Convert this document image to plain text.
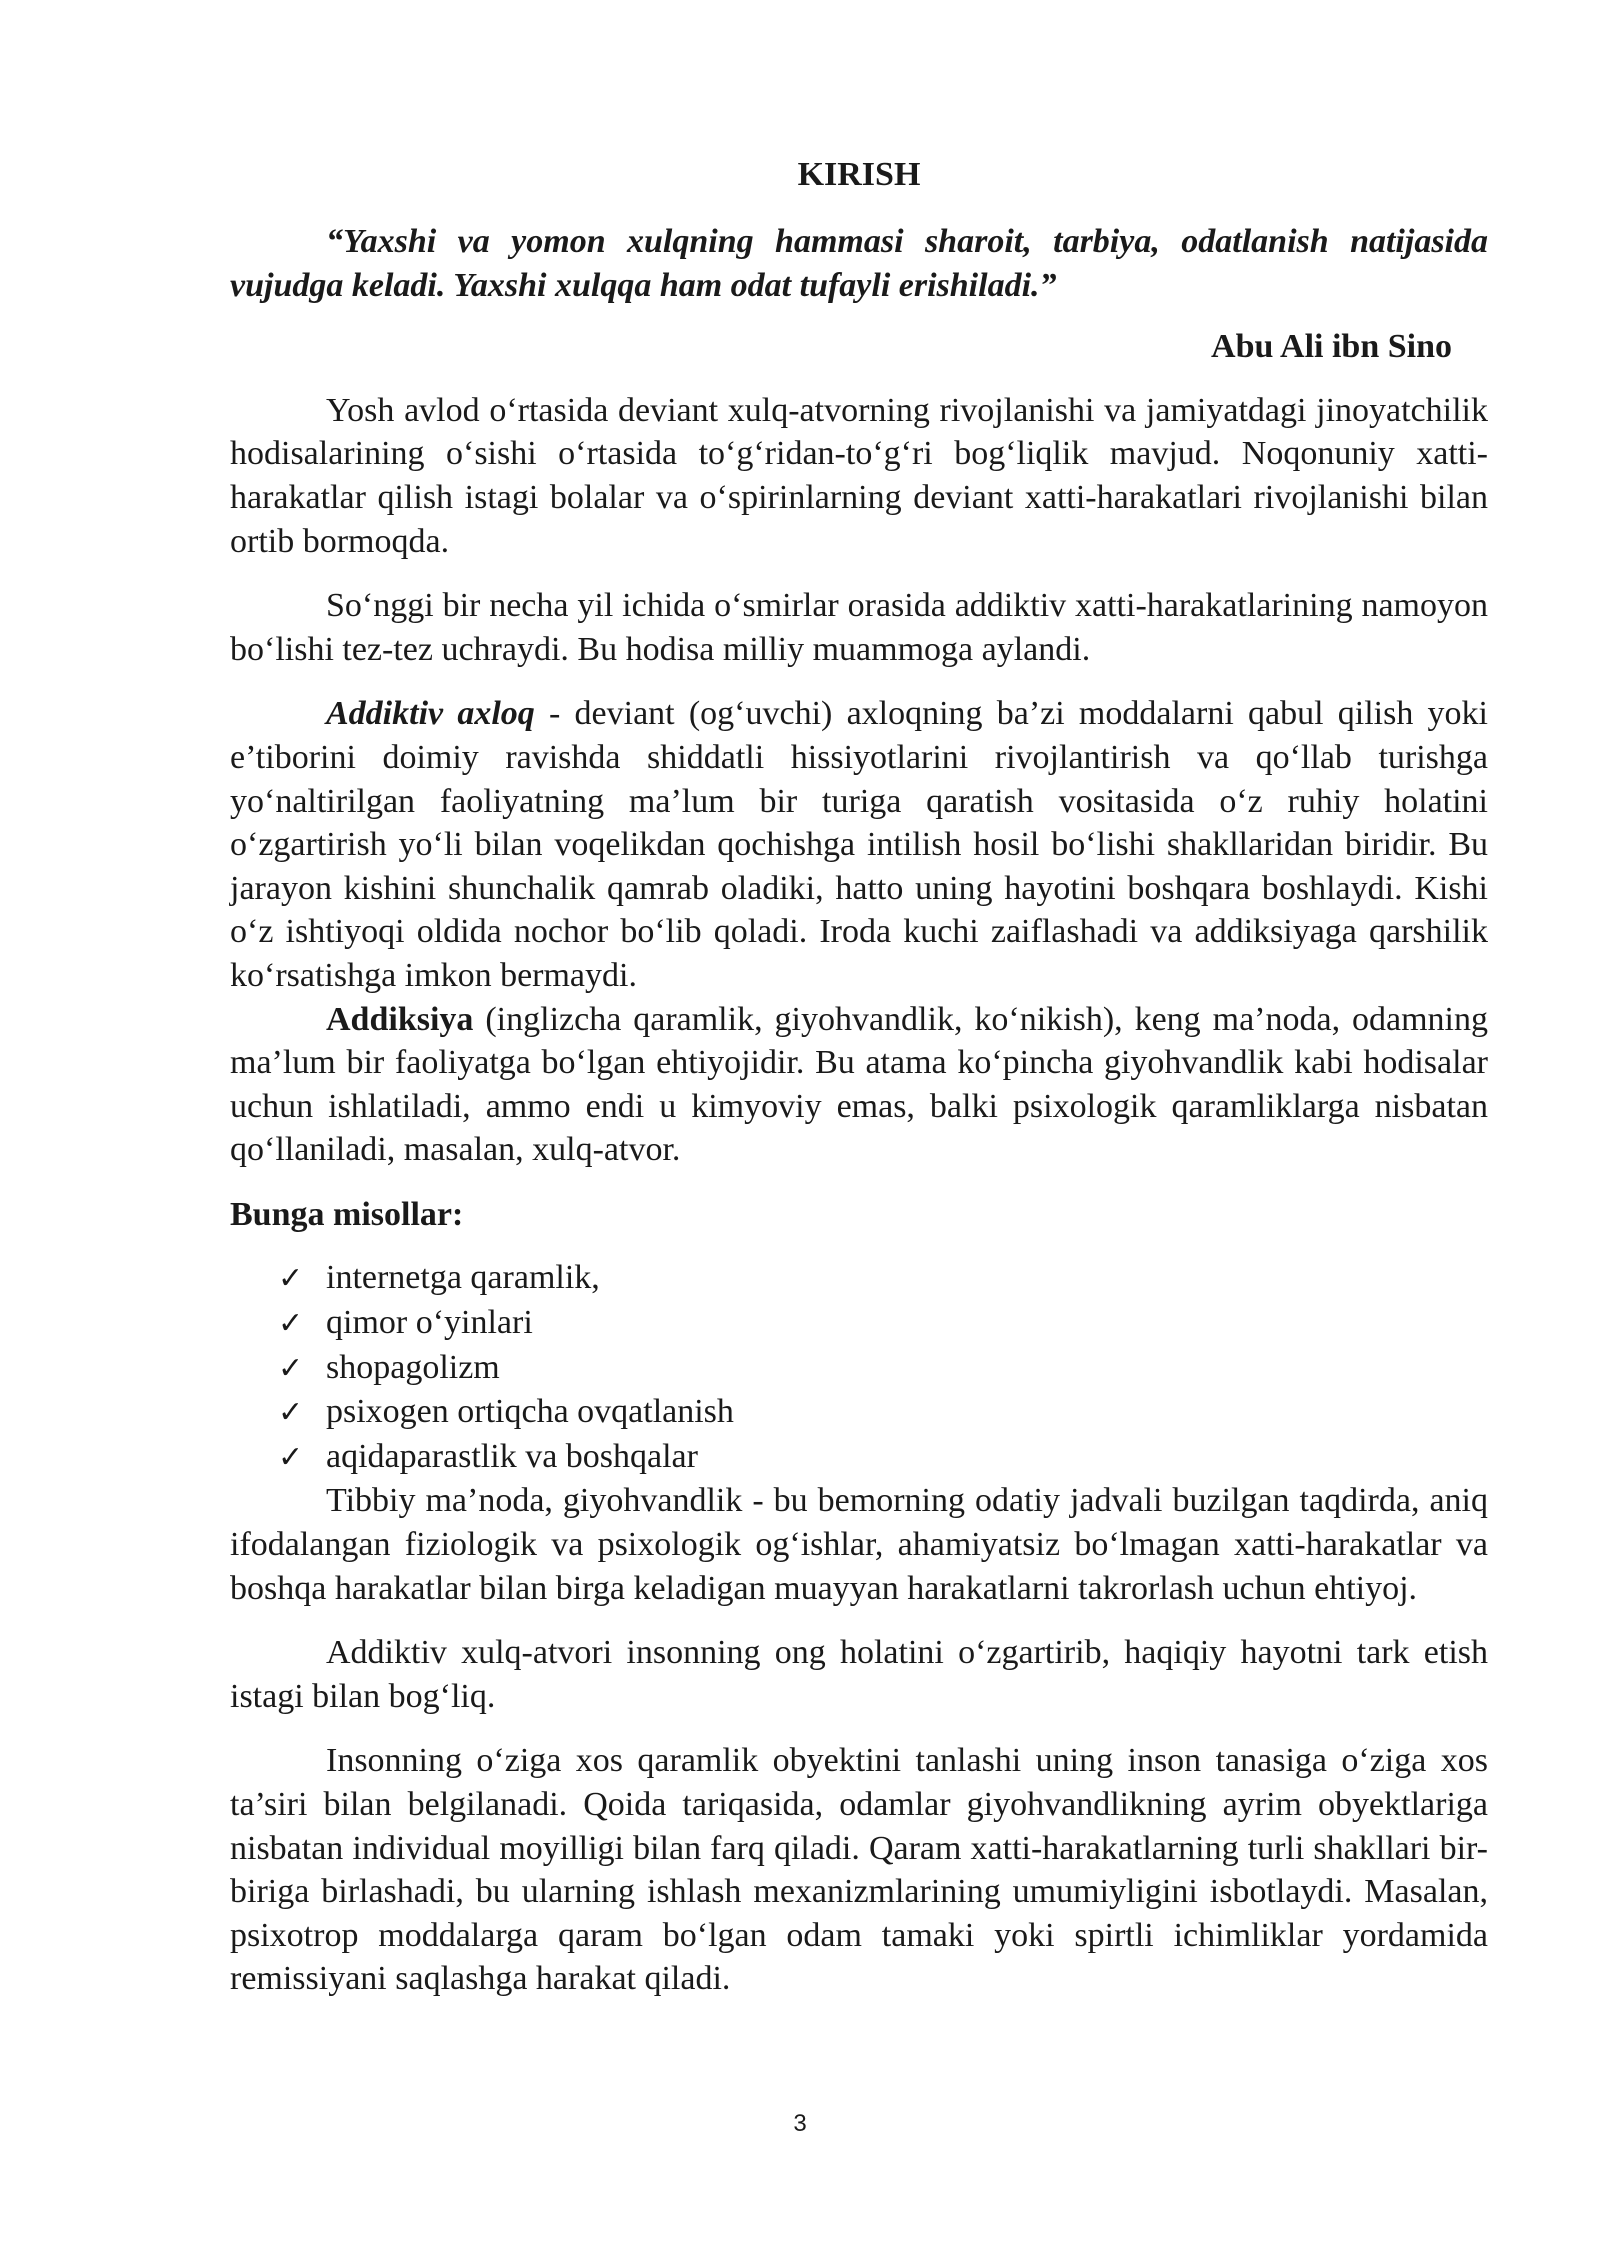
KIRISH

“Yaxshi va yomon xulqning hammasi sharoit, tarbiya, odatlanish natijasida vujudga keladi. Yaxshi xulqqa ham odat tufayli erishiladi.”

Abu Ali ibn Sino

Yosh avlod o‘rtasida deviant xulq-atvorning rivojlanishi va jamiyatdagi jinoyatchilik hodisalarining o‘sishi o‘rtasida to‘g‘ridan-to‘g‘ri bog‘liqlik mavjud. Noqonuniy xatti-harakatlar qilish istagi bolalar va o‘spirinlarning deviant xatti-harakatlari rivojlanishi bilan ortib bormoqda.

So‘nggi bir necha yil ichida o‘smirlar orasida addiktiv xatti-harakatlarining namoyon bo‘lishi tez-tez uchraydi. Bu hodisa milliy muammoga aylandi.

Addiktiv axloq - deviant (og‘uvchi) axloqning ba’zi moddalarni qabul qilish yoki e’tiborini doimiy ravishda shiddatli hissiyotlarini rivojlantirish va qo‘llab turishga yo‘naltirilgan faoliyatning ma’lum bir turiga qaratish vositasida o‘z ruhiy holatini o‘zgartirish yo‘li bilan voqelikdan qochishga intilish hosil bo‘lishi shakllaridan biridir. Bu jarayon kishini shunchalik qamrab oladiki, hatto uning hayotini boshqara boshlaydi. Kishi o‘z ishtiyoqi oldida nochor bo‘lib qoladi. Iroda kuchi zaiflashadi va addiksiyaga qarshilik ko‘rsatishga imkon bermaydi.

Addiksiya (inglizcha qaramlik, giyohvandlik, ko‘nikish), keng ma’noda, odamning ma’lum bir faoliyatga bo‘lgan ehtiyojidir. Bu atama ko‘pincha giyohvandlik kabi hodisalar uchun ishlatiladi, ammo endi u kimyoviy emas, balki psixologik qaramliklarga nisbatan qo‘llaniladi, masalan, xulq-atvor.

Bunga misollar:
✓ internetga qaramlik,
✓ qimor o‘yinlari
✓ shopagolizm
✓ psixogen ortiqcha ovqatlanish
✓ aqidaparastlik va boshqalar

Tibbiy ma’noda, giyohvandlik - bu bemorning odatiy jadvali buzilgan taqdirda, aniq ifodalangan fiziologik va psixologik og‘ishlar, ahamiyatsiz bo‘lmagan xatti-harakatlar va boshqa harakatlar bilan birga keladigan muayyan harakatlarni takrorlash uchun ehtiyoj.

Addiktiv xulq-atvori insonning ong holatini o‘zgartirib, haqiqiy hayotni tark etish istagi bilan bog‘liq.

Insonning o‘ziga xos qaramlik obyektini tanlashi uning inson tanasiga o‘ziga xos ta’siri bilan belgilanadi. Qoida tariqasida, odamlar giyohvandlikning ayrim obyektlariga nisbatan individual moyilligi bilan farq qiladi. Qaram xatti-harakatlarning turli shakllari bir-biriga birlashadi, bu ularning ishlash mexanizmlarining umumiyligini isbotlaydi. Masalan, psixotrop moddalarga qaram bo‘lgan odam tamaki yoki spirtli ichimliklar yordamida remissiyani saqlashga harakat qiladi.

3
